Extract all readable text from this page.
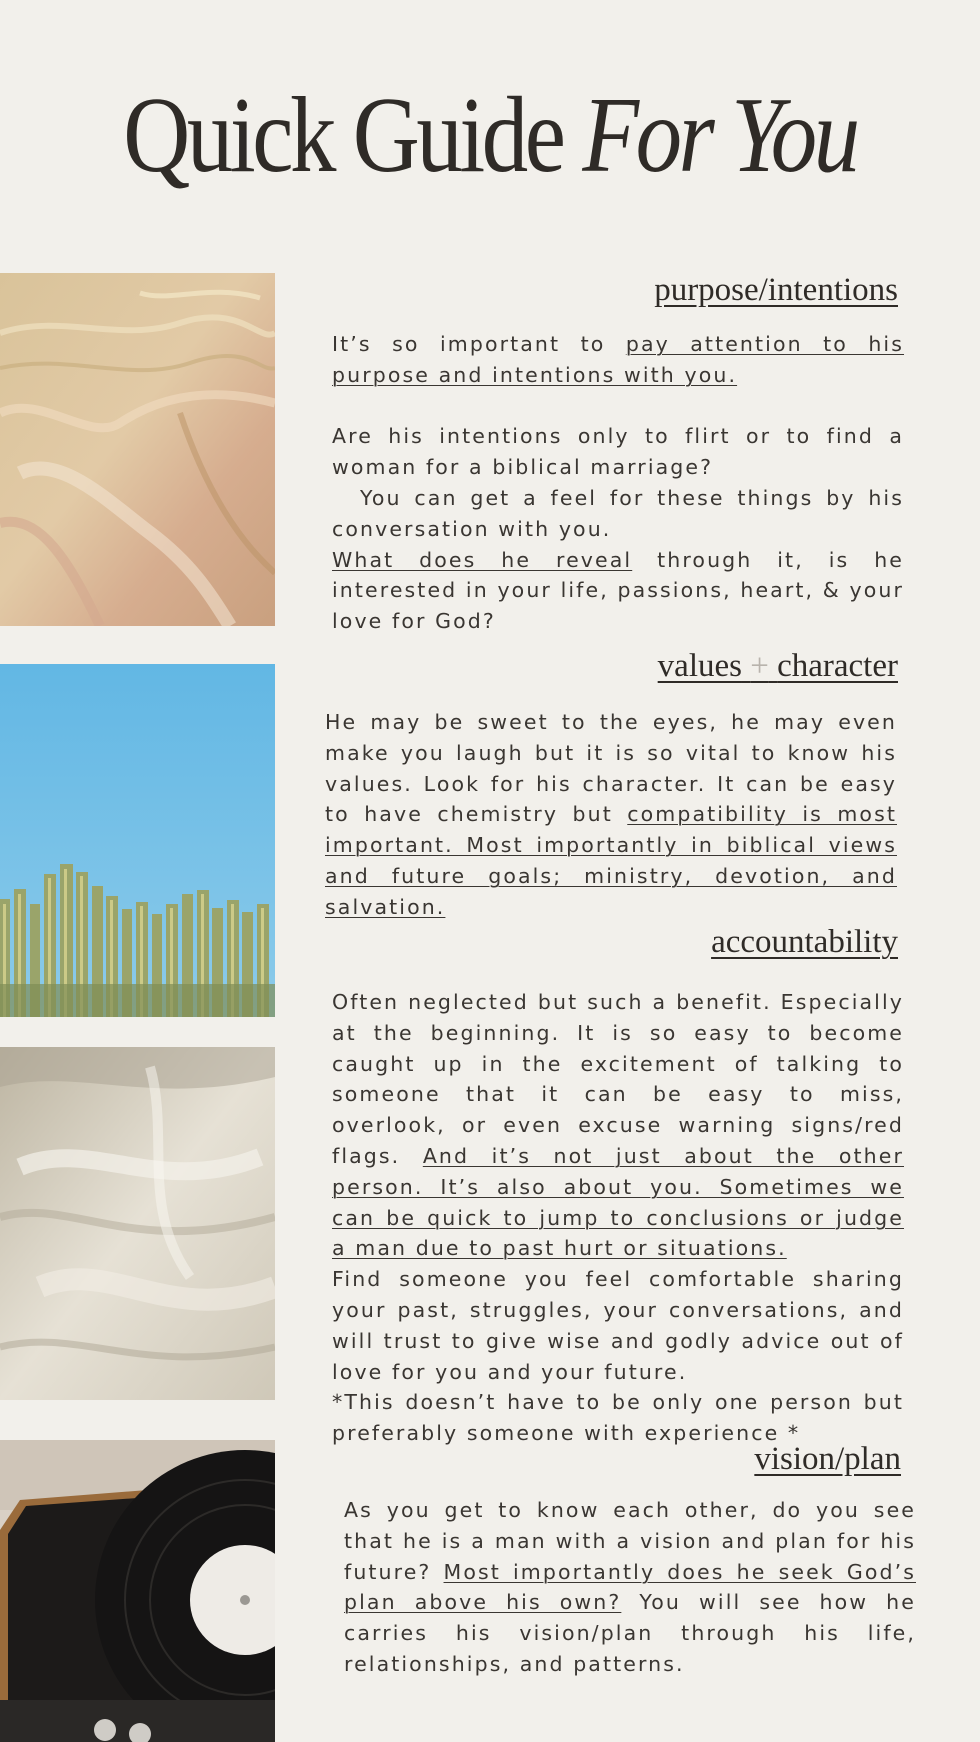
Quick Guide For You
purpose/intentions

It’s so important to pay attention to his purpose and intentions with you.

Are his intentions only to flirt or to find a woman for a biblical marriage?

You can get a feel for these things by his conversation with you.

What does he reveal through it, is he interested in your life, passions, heart, & your love for God?

values + character

He may be sweet to the eyes, he may even make you laugh but it is so vital to know his values. Look for his character. It can be easy to have chemistry but compatibility is most important. Most importantly in biblical views and future goals; ministry, devotion, and salvation.

accountability

Often neglected but such a benefit. Especially at the beginning. It is so easy to become caught up in the excitement of talking to someone that it can be easy to miss, overlook, or even excuse warning signs/red flags. And it’s not just about the other person. It’s also about you. Sometimes we can be quick to jump to conclusions or judge a man due to past hurt or situations.

Find someone you feel comfortable sharing your past, struggles, your conversations, and will trust to give wise and godly advice out of love for you and your future.

*This doesn’t have to be only one person but preferably someone with experience *

vision/plan

As you get to know each other, do you see that he is a man with a vision and plan for his future? Most importantly does he seek God’s plan above his own? You will see how he carries his vision/plan through his life, relationships, and patterns.
